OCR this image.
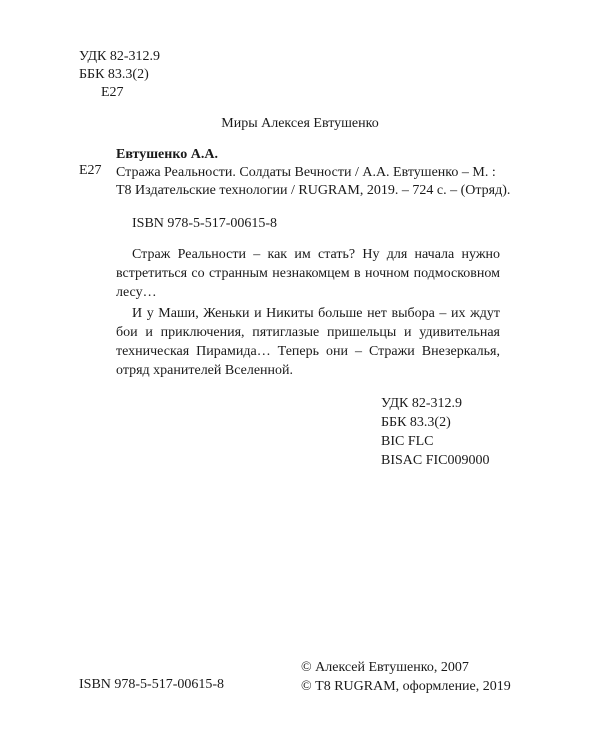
УДК 82-312.9
ББК 83.3(2)
Е27
Миры Алексея Евтушенко
Е27
Евтушенко А.А.
Стража Реальности. Солдаты Вечности / А.А. Евтушенко – М. :
Т8 Издательские технологии / RUGRAM, 2019. – 724 с. – (Отряд).
ISBN 978-5-517-00615-8

Страж Реальности – как им стать? Ну для начала нужно встретиться со странным незнакомцем в ночном подмосковном лесу…

И у Маши, Женьки и Никиты больше нет выбора – их ждут бои и приключения, пятиглазые пришельцы и удивительная техническая Пирамида… Теперь они – Стражи Внезеркалья, отряд хранителей Вселенной.

УДК 82-312.9
ББК 83.3(2)
BIC FLC
BISAC FIC009000
© Алексей Евтушенко, 2007
© Т8 RUGRAM, оформление, 2019
ISBN 978-5-517-00615-8
